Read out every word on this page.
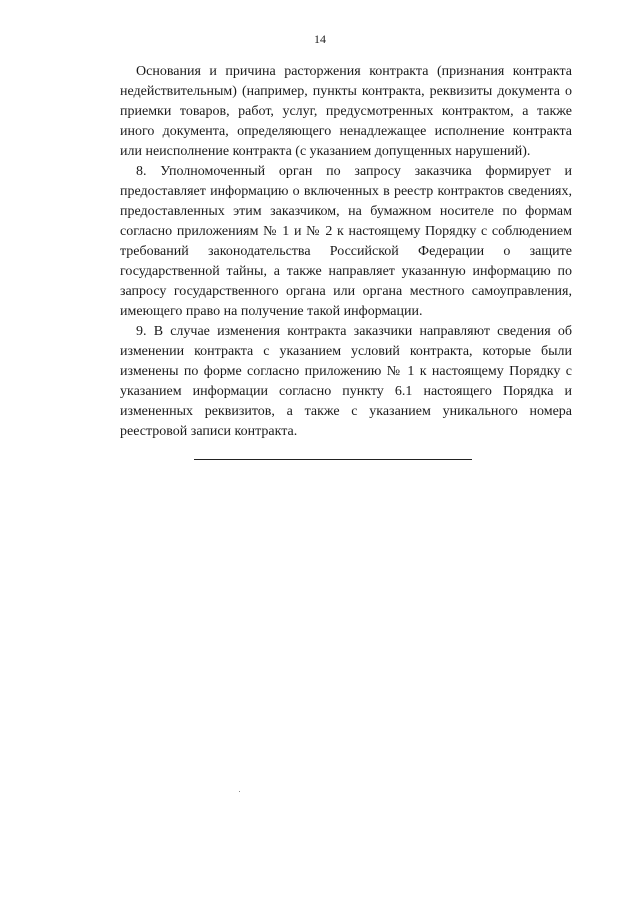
14

Основания и причина расторжения контракта (признания контракта недействительным) (например, пункты контракта, реквизиты документа о приемки товаров, работ, услуг, предусмотренных контрактом, а также иного документа, определяющего ненадлежащее исполнение контракта или неисполнение контракта (с указанием допущенных нарушений).

8. Уполномоченный орган по запросу заказчика формирует и предоставляет информацию о включенных в реестр контрактов сведениях, предоставленных этим заказчиком, на бумажном носителе по формам согласно приложениям № 1 и № 2 к настоящему Порядку с соблюдением требований законодательства Российской Федерации о защите государственной тайны, а также направляет указанную информацию по запросу государственного органа или органа местного самоуправления, имеющего право на получение такой информации.

9. В случае изменения контракта заказчики направляют сведения об изменении контракта с указанием условий контракта, которые были изменены по форме согласно приложению № 1 к настоящему Порядку с указанием информации согласно пункту 6.1 настоящего Порядка и измененных реквизитов, а также с указанием уникального номера реестровой записи контракта.
